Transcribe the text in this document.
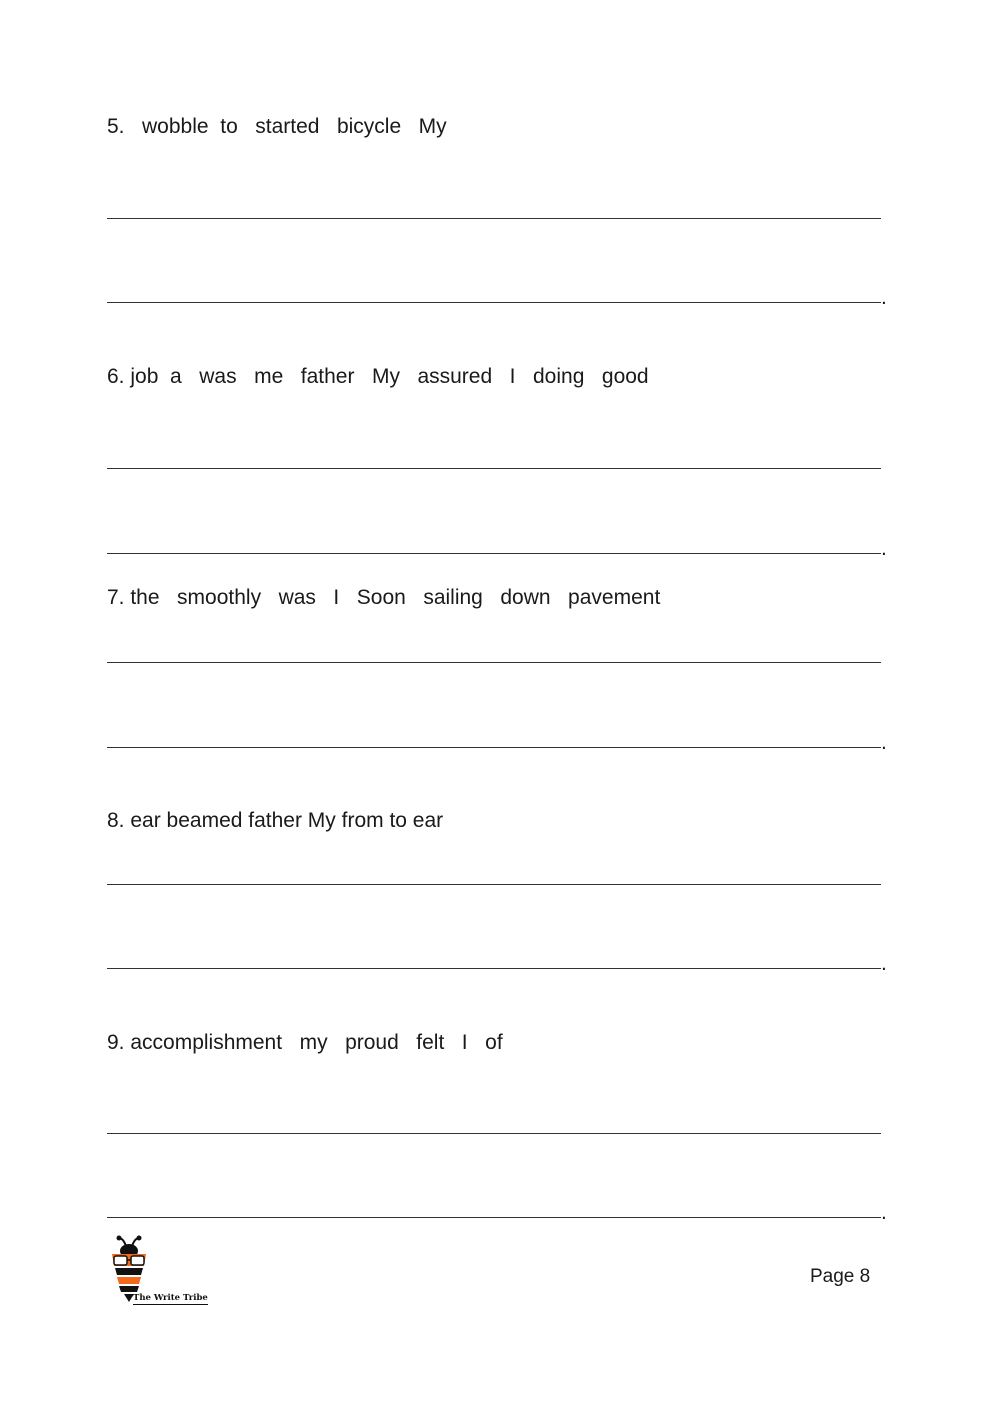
5.   wobble  to   started   bicycle   My

.

6. job  a   was   me   father   My   assured   I   doing   good

.

7. the   smoothly   was   I   Soon   sailing   down   pavement

.

8. ear beamed father My from to ear

.

9. accomplishment   my   proud   felt   I   of

.
The Write Tribe
Page 8
